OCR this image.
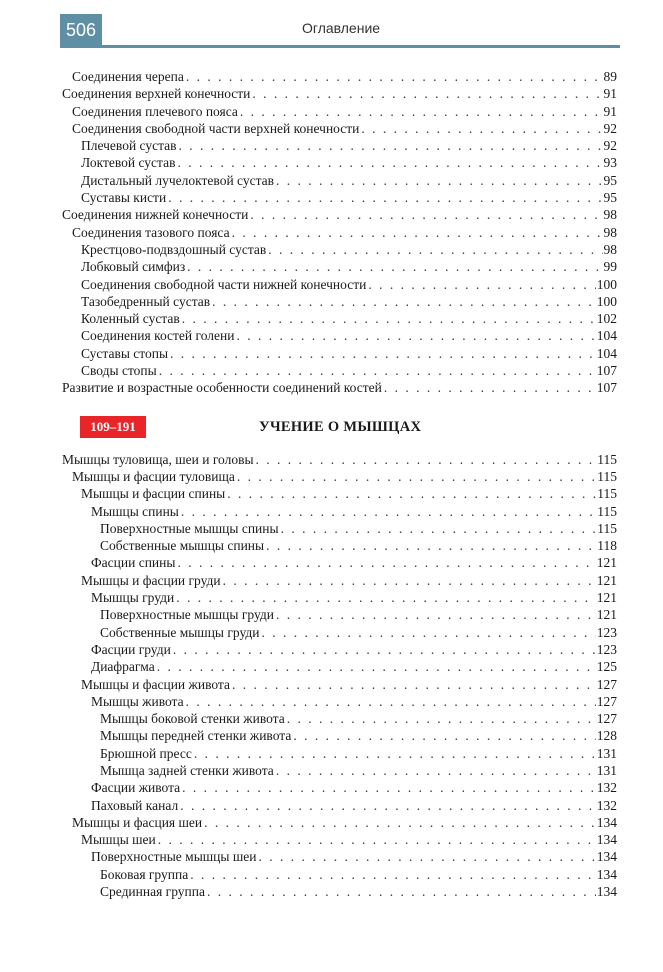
506	Оглавление
Соединения черепа . . .	89
Соединения верхней конечности . . .	91
Соединения плечевого пояса . . .	91
Соединения свободной части верхней конечности . . .	92
Плечевой сустав . . .	92
Локтевой сустав . . .	93
Дистальный лучелоктевой сустав . . .	95
Суставы кисти . . .	95
Соединения нижней конечности . . .	98
Соединения тазового пояса . . .	98
Крестцово-подвздошный сустав . . .	98
Лобковый симфиз . . .	99
Соединения свободной части нижней конечности . . .	100
Тазобедренный сустав . . .	100
Коленный сустав . . .	102
Соединения костей голени . . .	104
Суставы стопы . . .	104
Своды стопы . . .	107
Развитие и возрастные особенности соединений костей . . .	107
109–191	УЧЕНИЕ О МЫШЦАХ
Мышцы туловища, шеи и головы . . .	115
Мышцы и фасции туловища . . .	115
Мышцы и фасции спины . . .	115
Мышцы спины . . .	115
Поверхностные мышцы спины . . .	115
Собственные мышцы спины . . .	118
Фасции спины . . .	121
Мышцы и фасции груди . . .	121
Мышцы груди . . .	121
Поверхностные мышцы груди . . .	121
Собственные мышцы груди . . .	123
Фасции груди . . .	123
Диафрагма . . .	125
Мышцы и фасции живота . . .	127
Мышцы живота . . .	127
Мышцы боковой стенки живота . . .	127
Мышцы передней стенки живота . . .	128
Брюшной пресс . . .	131
Мышца задней стенки живота . . .	131
Фасции живота . . .	132
Паховый канал . . .	132
Мышцы и фасция шеи . . .	134
Мышцы шеи . . .	134
Поверхностные мышцы шеи . . .	134
Боковая группа . . .	134
Срединная группа . . .	134
